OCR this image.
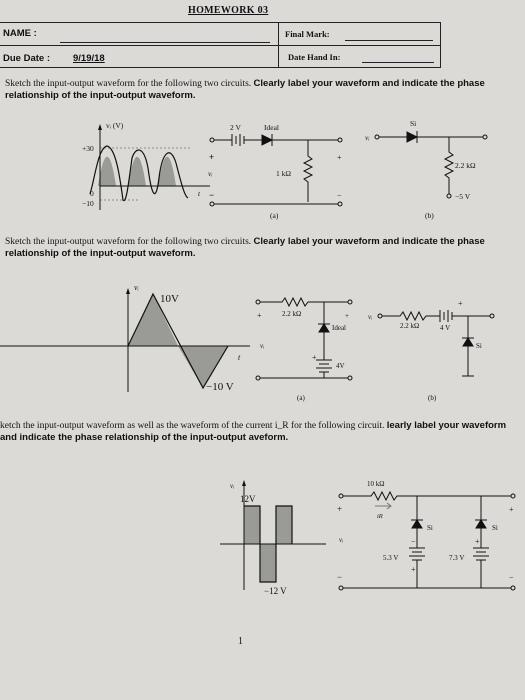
HOMEWORK 03
NAME :	Final Mark:
Due Date : 9/19/18	Date Hand In:
Sketch the input-output waveform for the following two circuits. Clearly label your waveform and indicate the phase relationship of the input-output waveform.
vᵢ (V)
+30
0
−10
t
2 V	Ideal
1 kΩ
vᵢ
+
−
+
−
(a)
vᵢ
Si
2.2 kΩ
−5 V
(b)
Sketch the input-output waveform for the following two circuits. Clearly label your waveform and indicate the phase relationship of the input-output waveform.
vᵢ
10V
−10 V
t
2.2 kΩ
Ideal
4V
vᵢ
+
+
+
(a)
vᵢ
2.2 kΩ	4 V
Si
+
(b)
ketch the input-output waveform as well as the waveform of the current i_R for the following circuit. learly label your waveform and indicate the phase relationship of the input-output aveform.
vᵢ
12V
−12 V
10 kΩ
iR
Si	Si
5.3 V	7.3 V
vᵢ
+
−
−
+
+
+
−
1
